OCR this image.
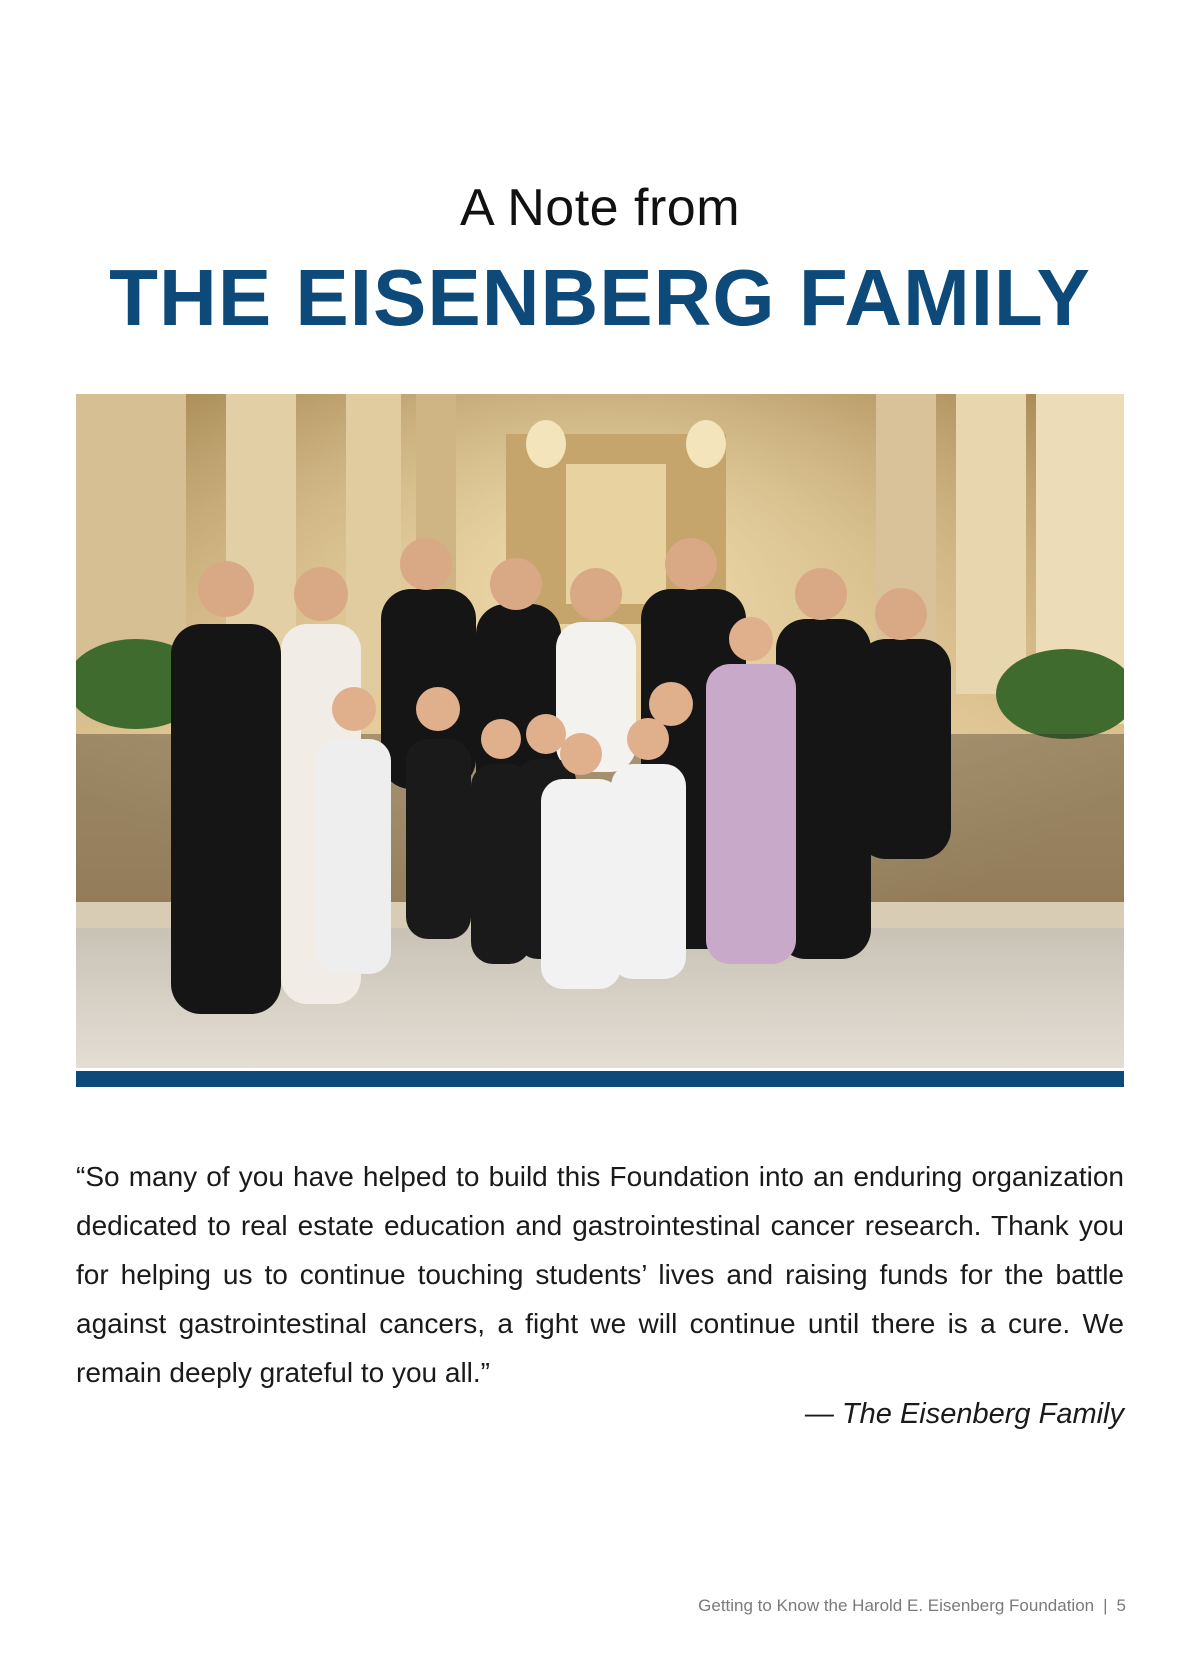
A Note from
THE EISENBERG FAMILY
“So many of you have helped to build this Foundation into an enduring organization dedicated to real estate education and gastrointestinal cancer research. Thank you for helping us to continue touching students’ lives and raising funds for the battle against gastrointestinal cancers, a fight we will continue until there is a cure. We remain deeply grateful to you all.”
— The Eisenberg Family
Getting to Know the Harold E. Eisenberg Foundation | 5
